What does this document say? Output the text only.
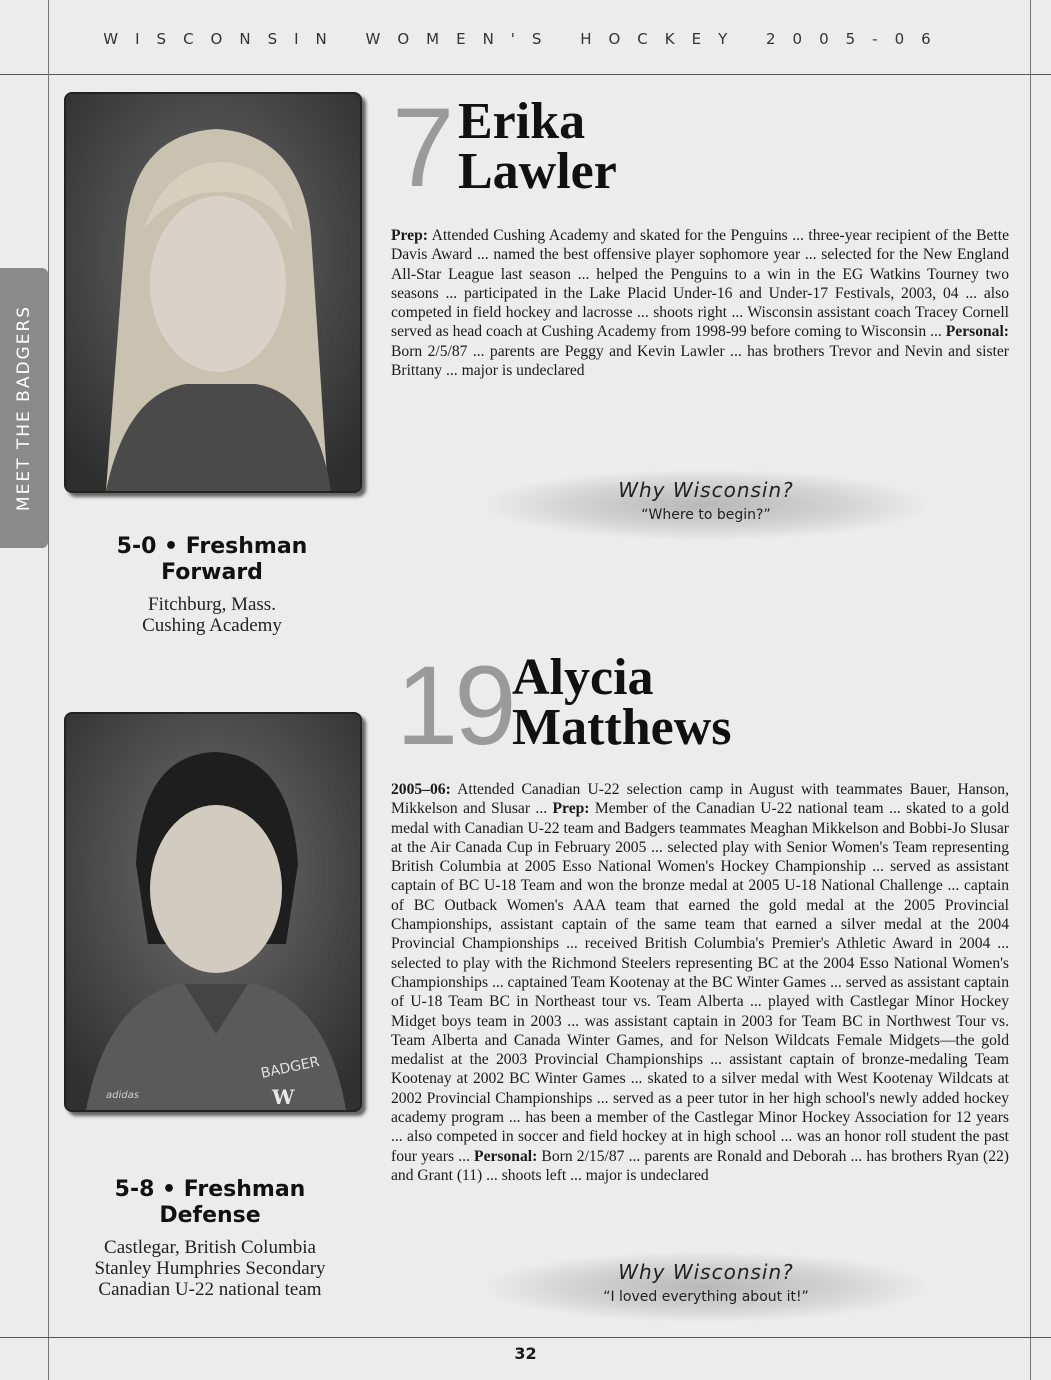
WISCONSIN WOMEN'S HOCKEY 2005-06
MEET THE BADGERS
7 Erika
Lawler

Prep: Attended Cushing Academy and skated for the Penguins ... three-year recipient of the Bette Davis Award ... named the best offensive player sophomore year ... selected for the New England All-Star League last season ... helped the Penguins to a win in the EG Watkins Tourney two seasons ... participated in the Lake Placid Under-16 and Under-17 Festivals, 2003, 04 ... also competed in field hockey and lacrosse ... shoots right ... Wisconsin assistant coach Tracey Cornell served as head coach at Cushing Academy from 1998-99 before coming to Wisconsin ... Personal: Born 2/5/87 ... parents are Peggy and Kevin Lawler ... has brothers Trevor and Nevin and sister Brittany ... major is undeclared

Why Wisconsin?
“Where to begin?”
5-0 • Freshman
Forward
Fitchburg, Mass.
Cushing Academy
BADGER
W
adidas
19 Alycia
Matthews

2005–06: Attended Canadian U-22 selection camp in August with teammates Bauer, Hanson, Mikkelson and Slusar ... Prep: Member of the Canadian U-22 national team ... skated to a gold medal with Canadian U-22 team and Badgers teammates Meaghan Mikkelson and Bobbi-Jo Slusar at the Air Canada Cup in February 2005 ... selected play with Senior Women's Team representing British Columbia at 2005 Esso National Women's Hockey Championship ... served as assistant captain of BC U-18 Team and won the bronze medal at 2005 U-18 National Challenge ... captain of BC Outback Women's AAA team that earned the gold medal at the 2005 Provincial Championships, assistant captain of the same team that earned a silver medal at the 2004 Provincial Championships ... received British Columbia's Premier's Athletic Award in 2004 ... selected to play with the Richmond Steelers representing BC at the 2004 Esso National Women's Championships ... captained Team Kootenay at the BC Winter Games ... served as assistant captain of U-18 Team BC in Northeast tour vs. Team Alberta ... played with Castlegar Minor Hockey Midget boys team in 2003 ... was assistant captain in 2003 for Team BC in Northwest Tour vs. Team Alberta and Canada Winter Games, and for Nelson Wildcats Female Midgets—the gold medalist at the 2003 Provincial Championships ... assistant captain of bronze-medaling Team Kootenay at 2002 BC Winter Games ... skated to a silver medal with West Kootenay Wildcats at 2002 Provincial Championships ... served as a peer tutor in her high school's newly added hockey academy program ... has been a member of the Castlegar Minor Hockey Association for 12 years ... also competed in soccer and field hockey at in high school ... was an honor roll student the past four years ... Personal: Born 2/15/87 ... parents are Ronald and Deborah ... has brothers Ryan (22) and Grant (11) ... shoots left ... major is undeclared

Why Wisconsin?
“I loved everything about it!”
5-8 • Freshman
Defense
Castlegar, British Columbia
Stanley Humphries Secondary
Canadian U-22 national team
32
